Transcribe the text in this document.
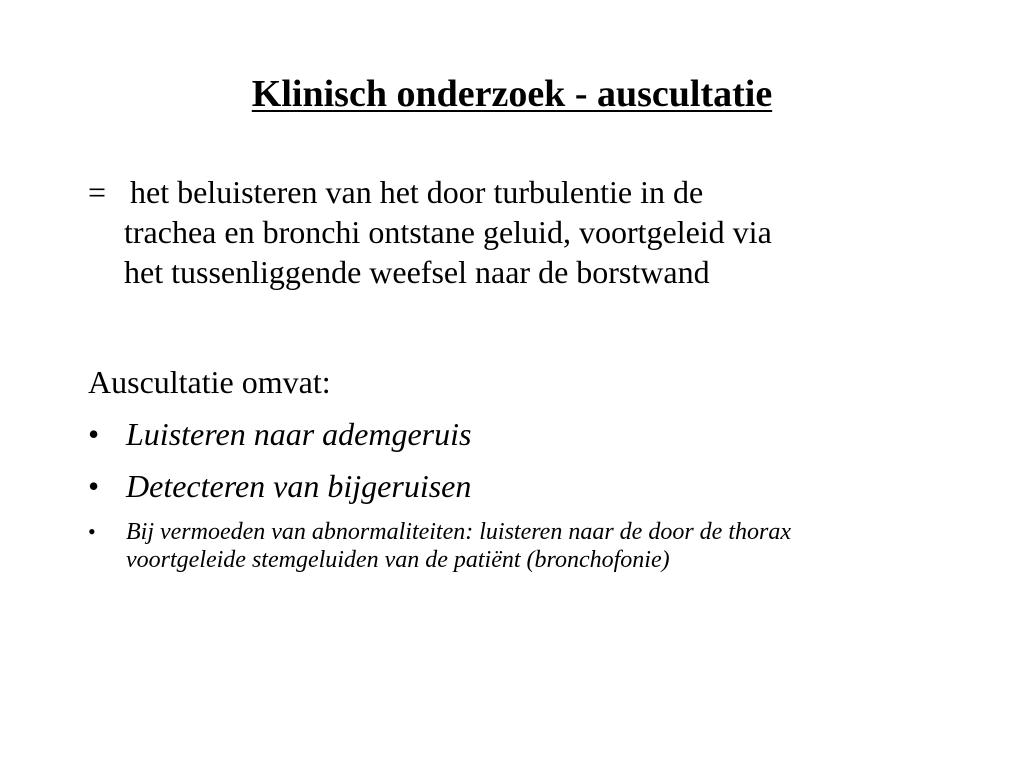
Klinisch onderzoek - auscultatie
= het beluisteren van het door turbulentie in de
trachea en bronchi ontstane geluid, voortgeleid via
het tussenliggende weefsel naar de borstwand
Auscultatie omvat:
• Luisteren naar ademgeruis
• Detecteren van bijgeruisen
• Bij vermoeden van abnormaliteiten: luisteren naar de door de thorax
voortgeleide stemgeluiden van de patiënt (bronchofonie)
